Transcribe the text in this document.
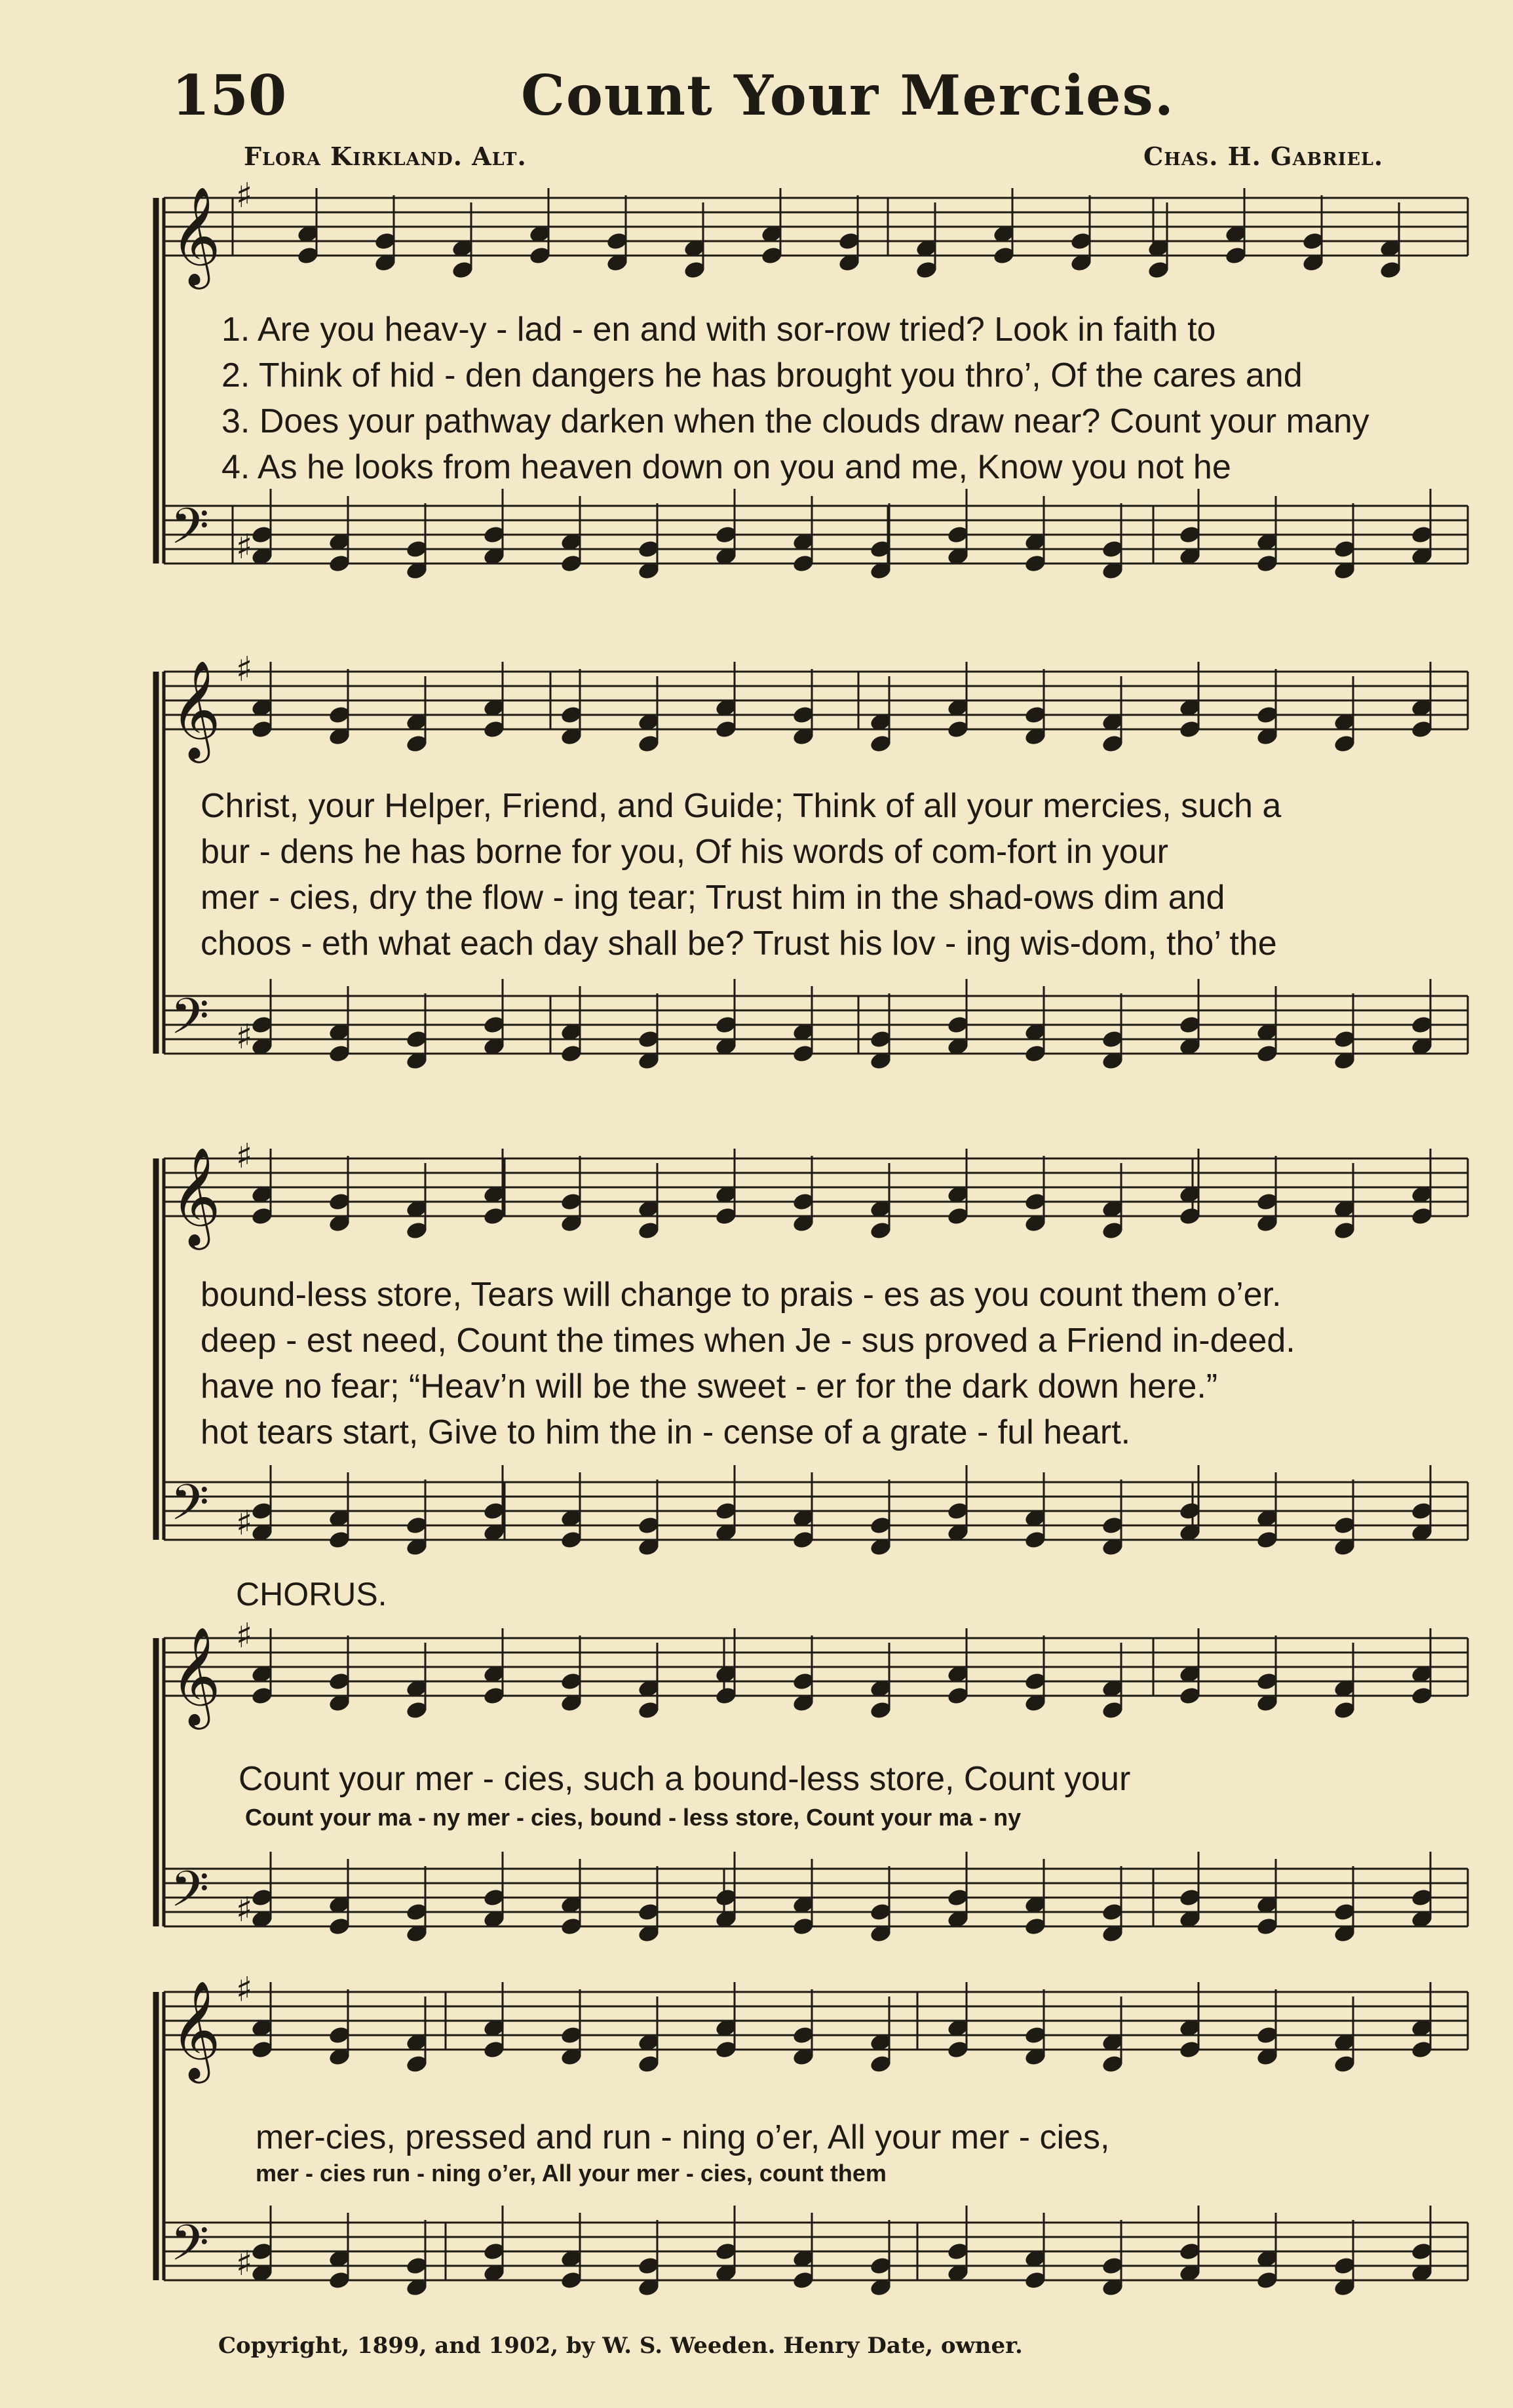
150	Count Your Mercies.
Flora Kirkland. Alt.	Chas. H. Gabriel.
𝄞 ♯
𝄢 ♯
𝄞 ♯
𝄢 ♯
𝄞 ♯
𝄢 ♯
𝄞 ♯
𝄢 ♯
𝄞 ♯
𝄢 ♯
1. Are you heav-y - lad - en and with sor-row tried? Look in faith to
2. Think of hid - den dangers he has brought you thro’, Of the cares and
3. Does your pathway darken when the clouds draw near? Count your many
4. As he looks from heaven down on you and me, Know you not he
Christ, your Helper, Friend, and Guide; Think of all your mercies, such a
bur - dens he has borne for you, Of his words of com-fort in your
mer - cies, dry the flow - ing tear; Trust him in the shad-ows dim and
choos - eth what each day shall be? Trust his lov - ing wis-dom, tho’ the
bound-less store, Tears will change to prais - es as you count them o’er.
deep - est need, Count the times when Je - sus proved a Friend in-deed.
have no fear; “Heav’n will be the sweet - er for the dark down here.”
hot tears start, Give to him the in - cense of a grate - ful heart.
CHORUS.
Count your mer - cies, such a bound-less store, Count your
Count your ma - ny mer - cies, bound - less store, Count your ma - ny
mer-cies, pressed and run - ning o’er, All your mer - cies,
mer - cies run - ning o’er, All your mer - cies, count them
Copyright, 1899, and 1902, by W. S. Weeden. Henry Date, owner.
